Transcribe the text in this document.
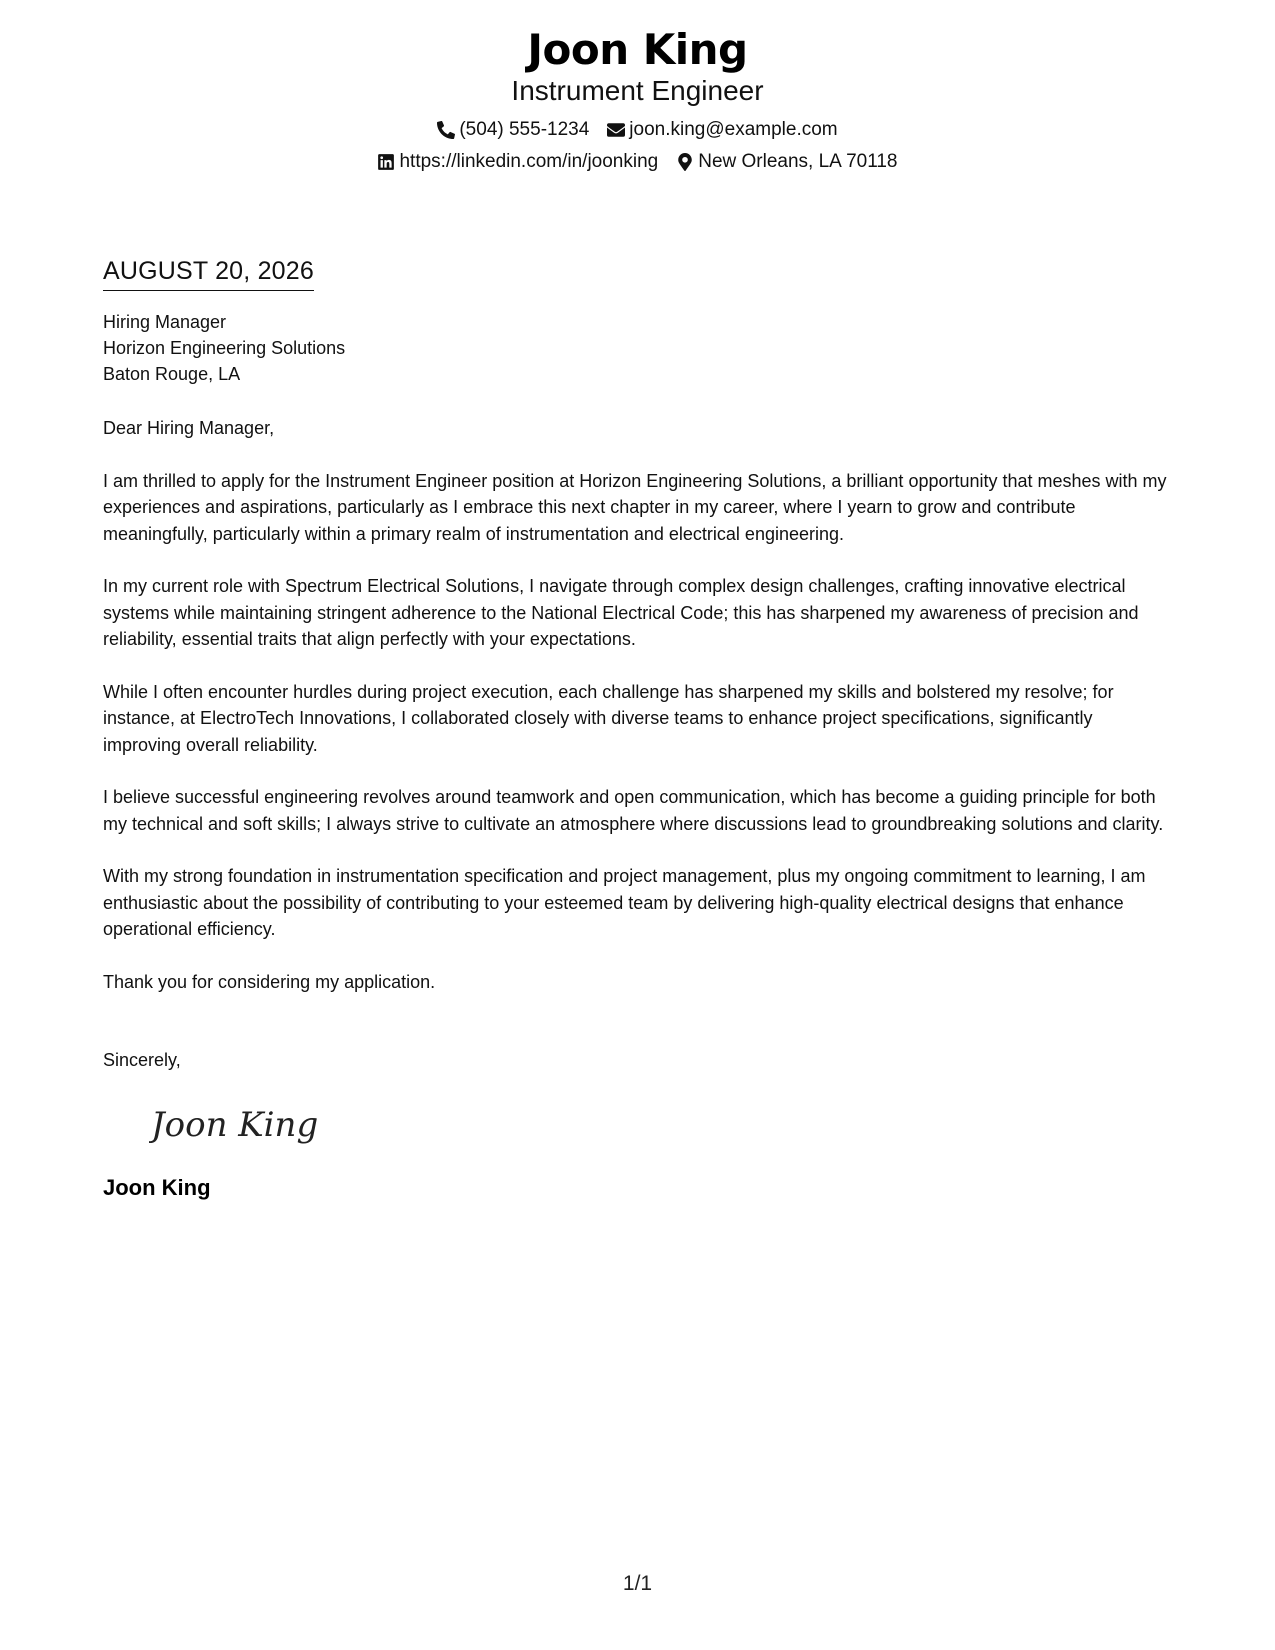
Joon King
Instrument Engineer
(504) 555-1234 joon.king@example.com
https://linkedin.com/in/joonking New Orleans, LA 70118
AUGUST 20, 2026
Hiring Manager
Horizon Engineering Solutions
Baton Rouge, LA
Dear Hiring Manager,
I am thrilled to apply for the Instrument Engineer position at Horizon Engineering Solutions, a brilliant opportunity that meshes with my experiences and aspirations, particularly as I embrace this next chapter in my career, where I yearn to grow and contribute meaningfully, particularly within a primary realm of instrumentation and electrical engineering.
In my current role with Spectrum Electrical Solutions, I navigate through complex design challenges, crafting innovative electrical systems while maintaining stringent adherence to the National Electrical Code; this has sharpened my awareness of precision and reliability, essential traits that align perfectly with your expectations.
While I often encounter hurdles during project execution, each challenge has sharpened my skills and bolstered my resolve; for instance, at ElectroTech Innovations, I collaborated closely with diverse teams to enhance project specifications, significantly improving overall reliability.
I believe successful engineering revolves around teamwork and open communication, which has become a guiding principle for both my technical and soft skills; I always strive to cultivate an atmosphere where discussions lead to groundbreaking solutions and clarity.
With my strong foundation in instrumentation specification and project management, plus my ongoing commitment to learning, I am enthusiastic about the possibility of contributing to your esteemed team by delivering high-quality electrical designs that enhance operational efficiency.
Thank you for considering my application.
Sincerely,
Joon King
Joon King
1/1
